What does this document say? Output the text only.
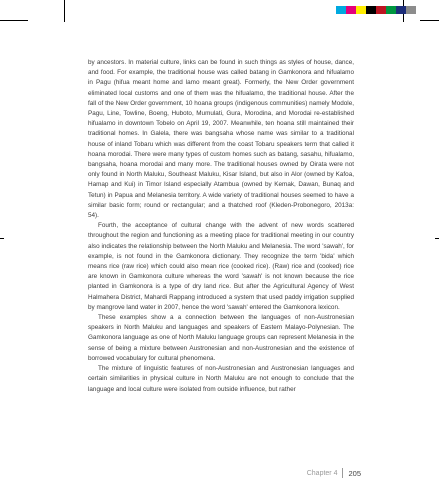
by ancestors. In material culture, links can be found in such things as styles of house, dance, and food. For example, the traditional house was called batang in Gamkonora and hifualamo in Pagu (hifua meant home and lamo meant great). Formerly, the New Order government eliminated local customs and one of them was the hifualamo, the traditional house. After the fall of the New Order government, 10 hoana groups (indigenous communities) namely Modole, Pagu, Line, Towline, Boeng, Huboto, Mumulati, Gura, Morodina, and Morodai re-established hifualamo in downtown Tobelo on April 19, 2007. Meanwhile, ten hoana still maintained their traditional homes. In Galela, there was bangsaha whose name was similar to a traditional house of inland Tobaru which was different from the coast Tobaru speakers term that called it hoana morodai. There were many types of custom homes such as batang, sasahu, hifualamo, bangsaha, hoana morodai and many more. The traditional houses owned by Oirata were not only found in North Maluku, Southeast Maluku, Kisar Island, but also in Alor (owned by Kafoa, Hamap and Kui) in Timor Island especially Atambua (owned by Kemak, Dawan, Bunaq and Tetun) in Papua and Melanesia territory. A wide variety of traditional houses seemed to have a similar basic form; round or rectangular; and a thatched roof (Kleden-Probonegoro, 2013a: 54).

Fourth, the acceptance of cultural change with the advent of new words scattered throughout the region and functioning as a meeting place for traditional meeting in our country also indicates the relationship between the North Maluku and Melanesia. The word 'sawah', for example, is not found in the Gamkonora dictionary. They recognize the term 'bida' which means rice (raw rice) which could also mean rice (cooked rice). (Raw) rice and (cooked) rice are known in Gamkonora culture whereas the word 'sawah' is not known because the rice planted in Gamkonora is a type of dry land rice. But after the Agricultural Agency of West Halmahera District, Mahardi Rappang introduced a system that used paddy irrigation supplied by mangrove land water in 2007, hence the word 'sawah' entered the Gamkonora lexicon.

These examples show a a connection between the languages of non-Austronesian speakers in North Maluku and languages and speakers of Eastern Malayo-Polynesian. The Gamkonora language as one of North Maluku language groups can represent Melanesia in the sense of being a mixture between Austronesian and non-Austronesian and the existence of borrowed vocabulary for cultural phenomena.

The mixture of linguistic features of non-Austronesian and Austronesian languages and certain similarities in physical culture in North Maluku are not enough to conclude that the language and local culture were isolated from outside influence, but rather

Chapter 4 205
